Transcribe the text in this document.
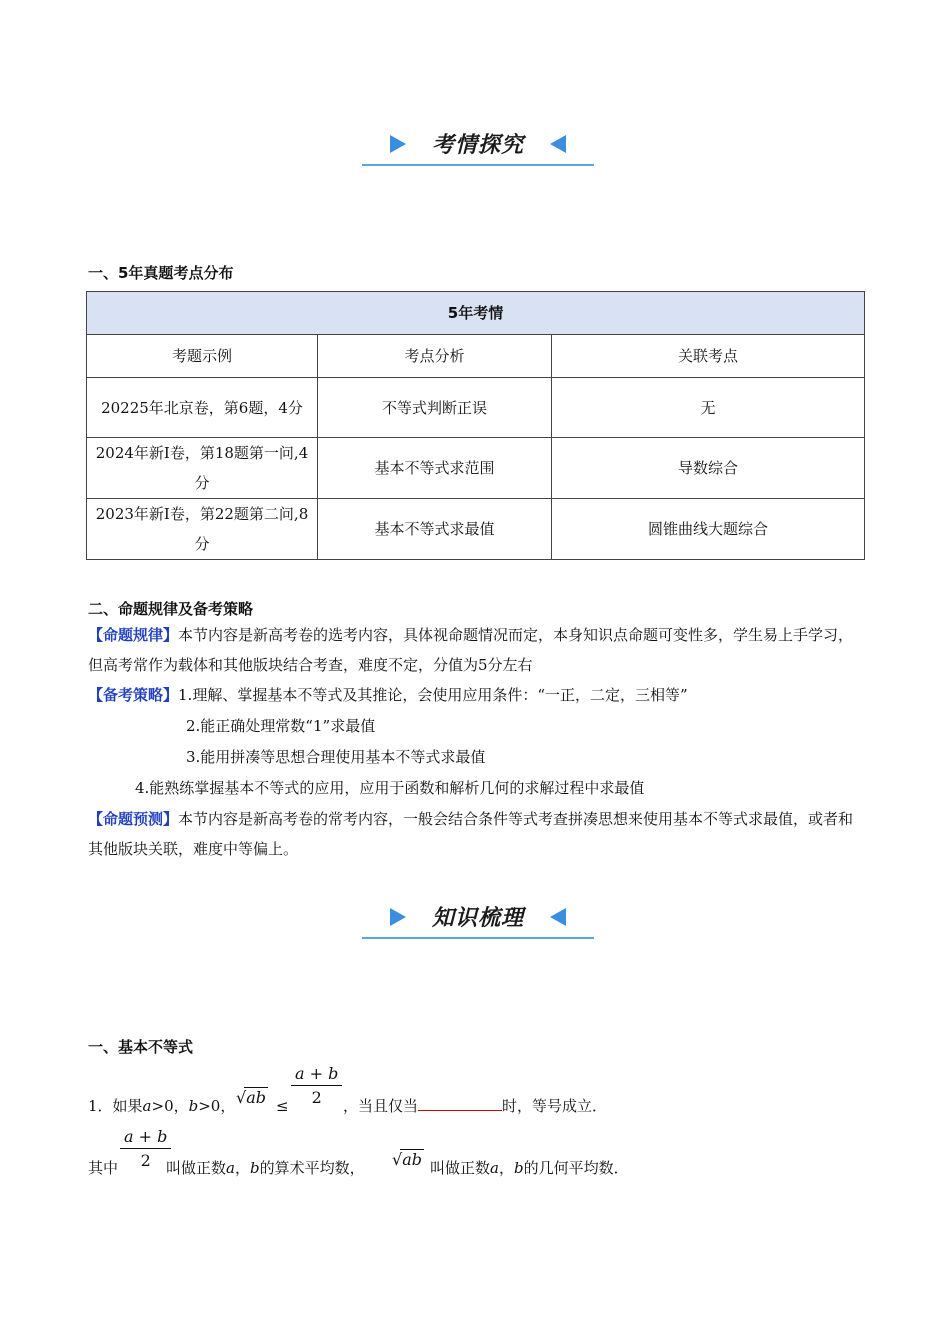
考情探究
一、5年真题考点分布
5年考情		
考题示例	考点分析	关联考点
20225年北京卷，第6题，4分	不等式判断正误	无
2024年新Ⅰ卷，第18题第一问,4分	基本不等式求范围	导数综合
2023年新Ⅰ卷，第22题第二问,8分	基本不等式求最值	圆锥曲线大题综合
二、命题规律及备考策略
【命题规律】本节内容是新高考卷的选考内容，具体视命题情况而定，本身知识点命题可变性多，学生易上手学习，但高考常作为载体和其他版块结合考查，难度不定，分值为5分左右
【备考策略】1.理解、掌握基本不等式及其推论，会使用应用条件：“一正，二定，三相等”
2.能正确处理常数“1”求最值
3.能用拼凑等思想合理使用基本不等式求最值
4.能熟练掌握基本不等式的应用，应用于函数和解析几何的求解过程中求最值
【命题预测】本节内容是新高考卷的常考内容，一般会结合条件等式考查拼凑思想来使用基本不等式求最值，或者和其他版块关联，难度中等偏上。
知识梳理
一、基本不等式
1．如果a>0，b>0， $√ab \le \frac{a + b}{2}$ ，当且仅当	时，等号成立．
其中 $\frac{a + b}{2}$
叫做正数a，b的算术平均数， √ab 叫做正数a，b的几何平均数．
